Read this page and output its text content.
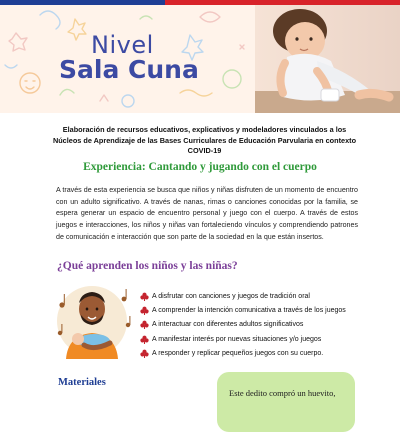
Nivel
Sala Cuna

Elaboración de recursos educativos, explicativos y modeladores vinculados a los Núcleos de Aprendizaje de las Bases Curriculares de Educación Parvularia en contexto COVID-19

Experiencia: Cantando y jugando con el cuerpo

A través de esta experiencia se busca que niños y niñas disfruten de un momento de encuentro con un adulto significativo. A través de nanas, rimas o canciones conocidas por la familia, se espera generar un espacio de encuentro personal y juego con el cuerpo. A través de estos juegos e interacciones, los niños y niñas van fortaleciendo vínculos y comprendiendo patrones de comunicación e interacción que son parte de la sociedad en la que están insertos.

¿Qué aprenden los niños y las niñas?
A disfrutar con canciones y juegos de tradición oral
A comprender la intención comunicativa a través de los juegos
A interactuar con diferentes adultos significativos
A manifestar interés por nuevas situaciones y/o juegos
A responder y replicar pequeños juegos con su cuerpo.
Materiales
Este dedito compró un huevito,
